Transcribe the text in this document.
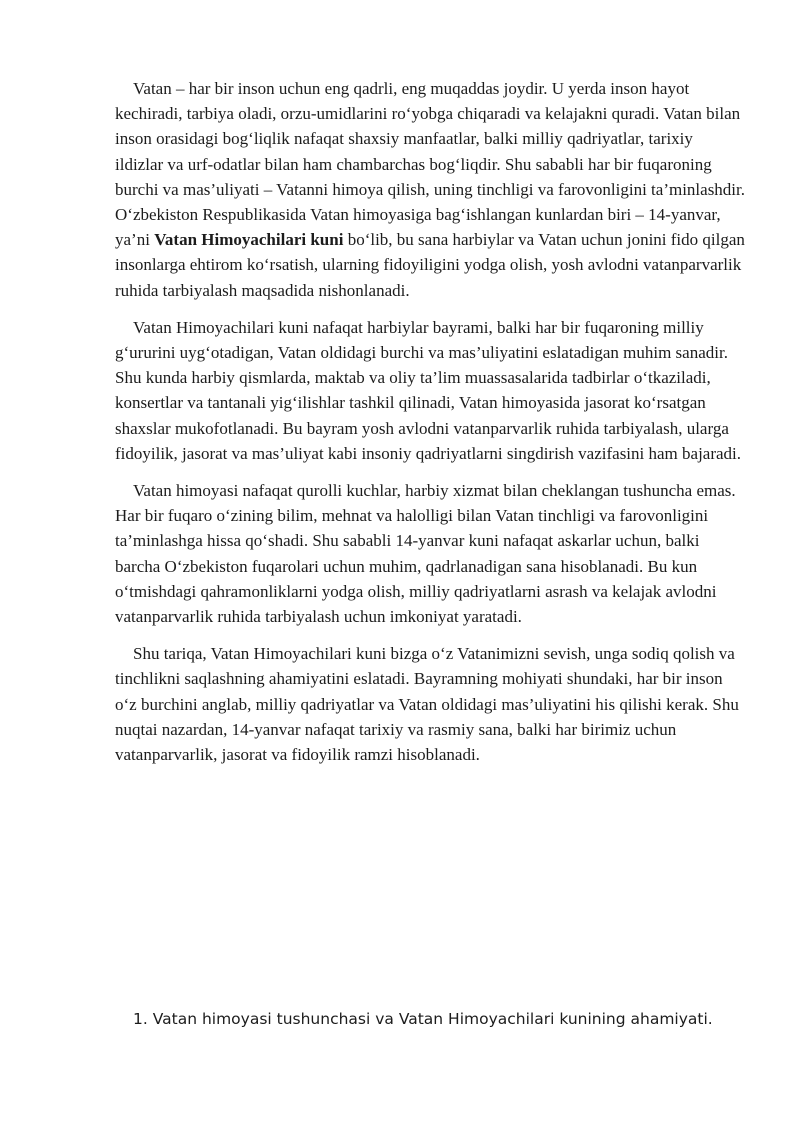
Vatan – har bir inson uchun eng qadrli, eng muqaddas joydir. U yerda inson hayot kechiradi, tarbiya oladi, orzu-umidlarini roʻyobga chiqaradi va kelajakni quradi. Vatan bilan inson orasidagi bogʻliqlik nafaqat shaxsiy manfaatlar, balki milliy qadriyatlar, tarixiy ildizlar va urf-odatlar bilan ham chambarchas bogʻliqdir. Shu sababli har bir fuqaroning burchi va mas’uliyati – Vatanni himoya qilish, uning tinchligi va farovonligini ta’minlashdir. Oʻzbekiston Respublikasida Vatan himoyasiga bagʻishlangan kunlardan biri – 14-yanvar, ya’ni Vatan Himoyachilari kuni boʻlib, bu sana harbiylar va Vatan uchun jonini fido qilgan insonlarga ehtirom koʻrsatish, ularning fidoyiligini yodga olish, yosh avlodni vatanparvarlik ruhida tarbiyalash maqsadida nishonlanadi.

Vatan Himoyachilari kuni nafaqat harbiylar bayrami, balki har bir fuqaroning milliy gʻururini uygʻotadigan, Vatan oldidagi burchi va mas’uliyatini eslatadigan muhim sanadir. Shu kunda harbiy qismlarda, maktab va oliy ta’lim muassasalarida tadbirlar oʻtkaziladi, konsertlar va tantanali yigʻilishlar tashkil qilinadi, Vatan himoyasida jasorat koʻrsatgan shaxslar mukofotlanadi. Bu bayram yosh avlodni vatanparvarlik ruhida tarbiyalash, ularga fidoyilik, jasorat va mas’uliyat kabi insoniy qadriyatlarni singdirish vazifasini ham bajaradi.

Vatan himoyasi nafaqat qurolli kuchlar, harbiy xizmat bilan cheklangan tushuncha emas. Har bir fuqaro oʻzining bilim, mehnat va halolligi bilan Vatan tinchligi va farovonligini ta’minlashga hissa qoʻshadi. Shu sababli 14-yanvar kuni nafaqat askarlar uchun, balki barcha Oʻzbekiston fuqarolari uchun muhim, qadrlanadigan sana hisoblanadi. Bu kun oʻtmishdagi qahramonliklarni yodga olish, milliy qadriyatlarni asrash va kelajak avlodni vatanparvarlik ruhida tarbiyalash uchun imkoniyat yaratadi.

Shu tariqa, Vatan Himoyachilari kuni bizga oʻz Vatanimizni sevish, unga sodiq qolish va tinchlikni saqlashning ahamiyatini eslatadi. Bayramning mohiyati shundaki, har bir inson oʻz burchini anglab, milliy qadriyatlar va Vatan oldidagi mas’uliyatini his qilishi kerak. Shu nuqtai nazardan, 14-yanvar nafaqat tarixiy va rasmiy sana, balki har birimiz uchun vatanparvarlik, jasorat va fidoyilik ramzi hisoblanadi.

1. Vatan himoyasi tushunchasi va Vatan Himoyachilari kunining ahamiyati.
